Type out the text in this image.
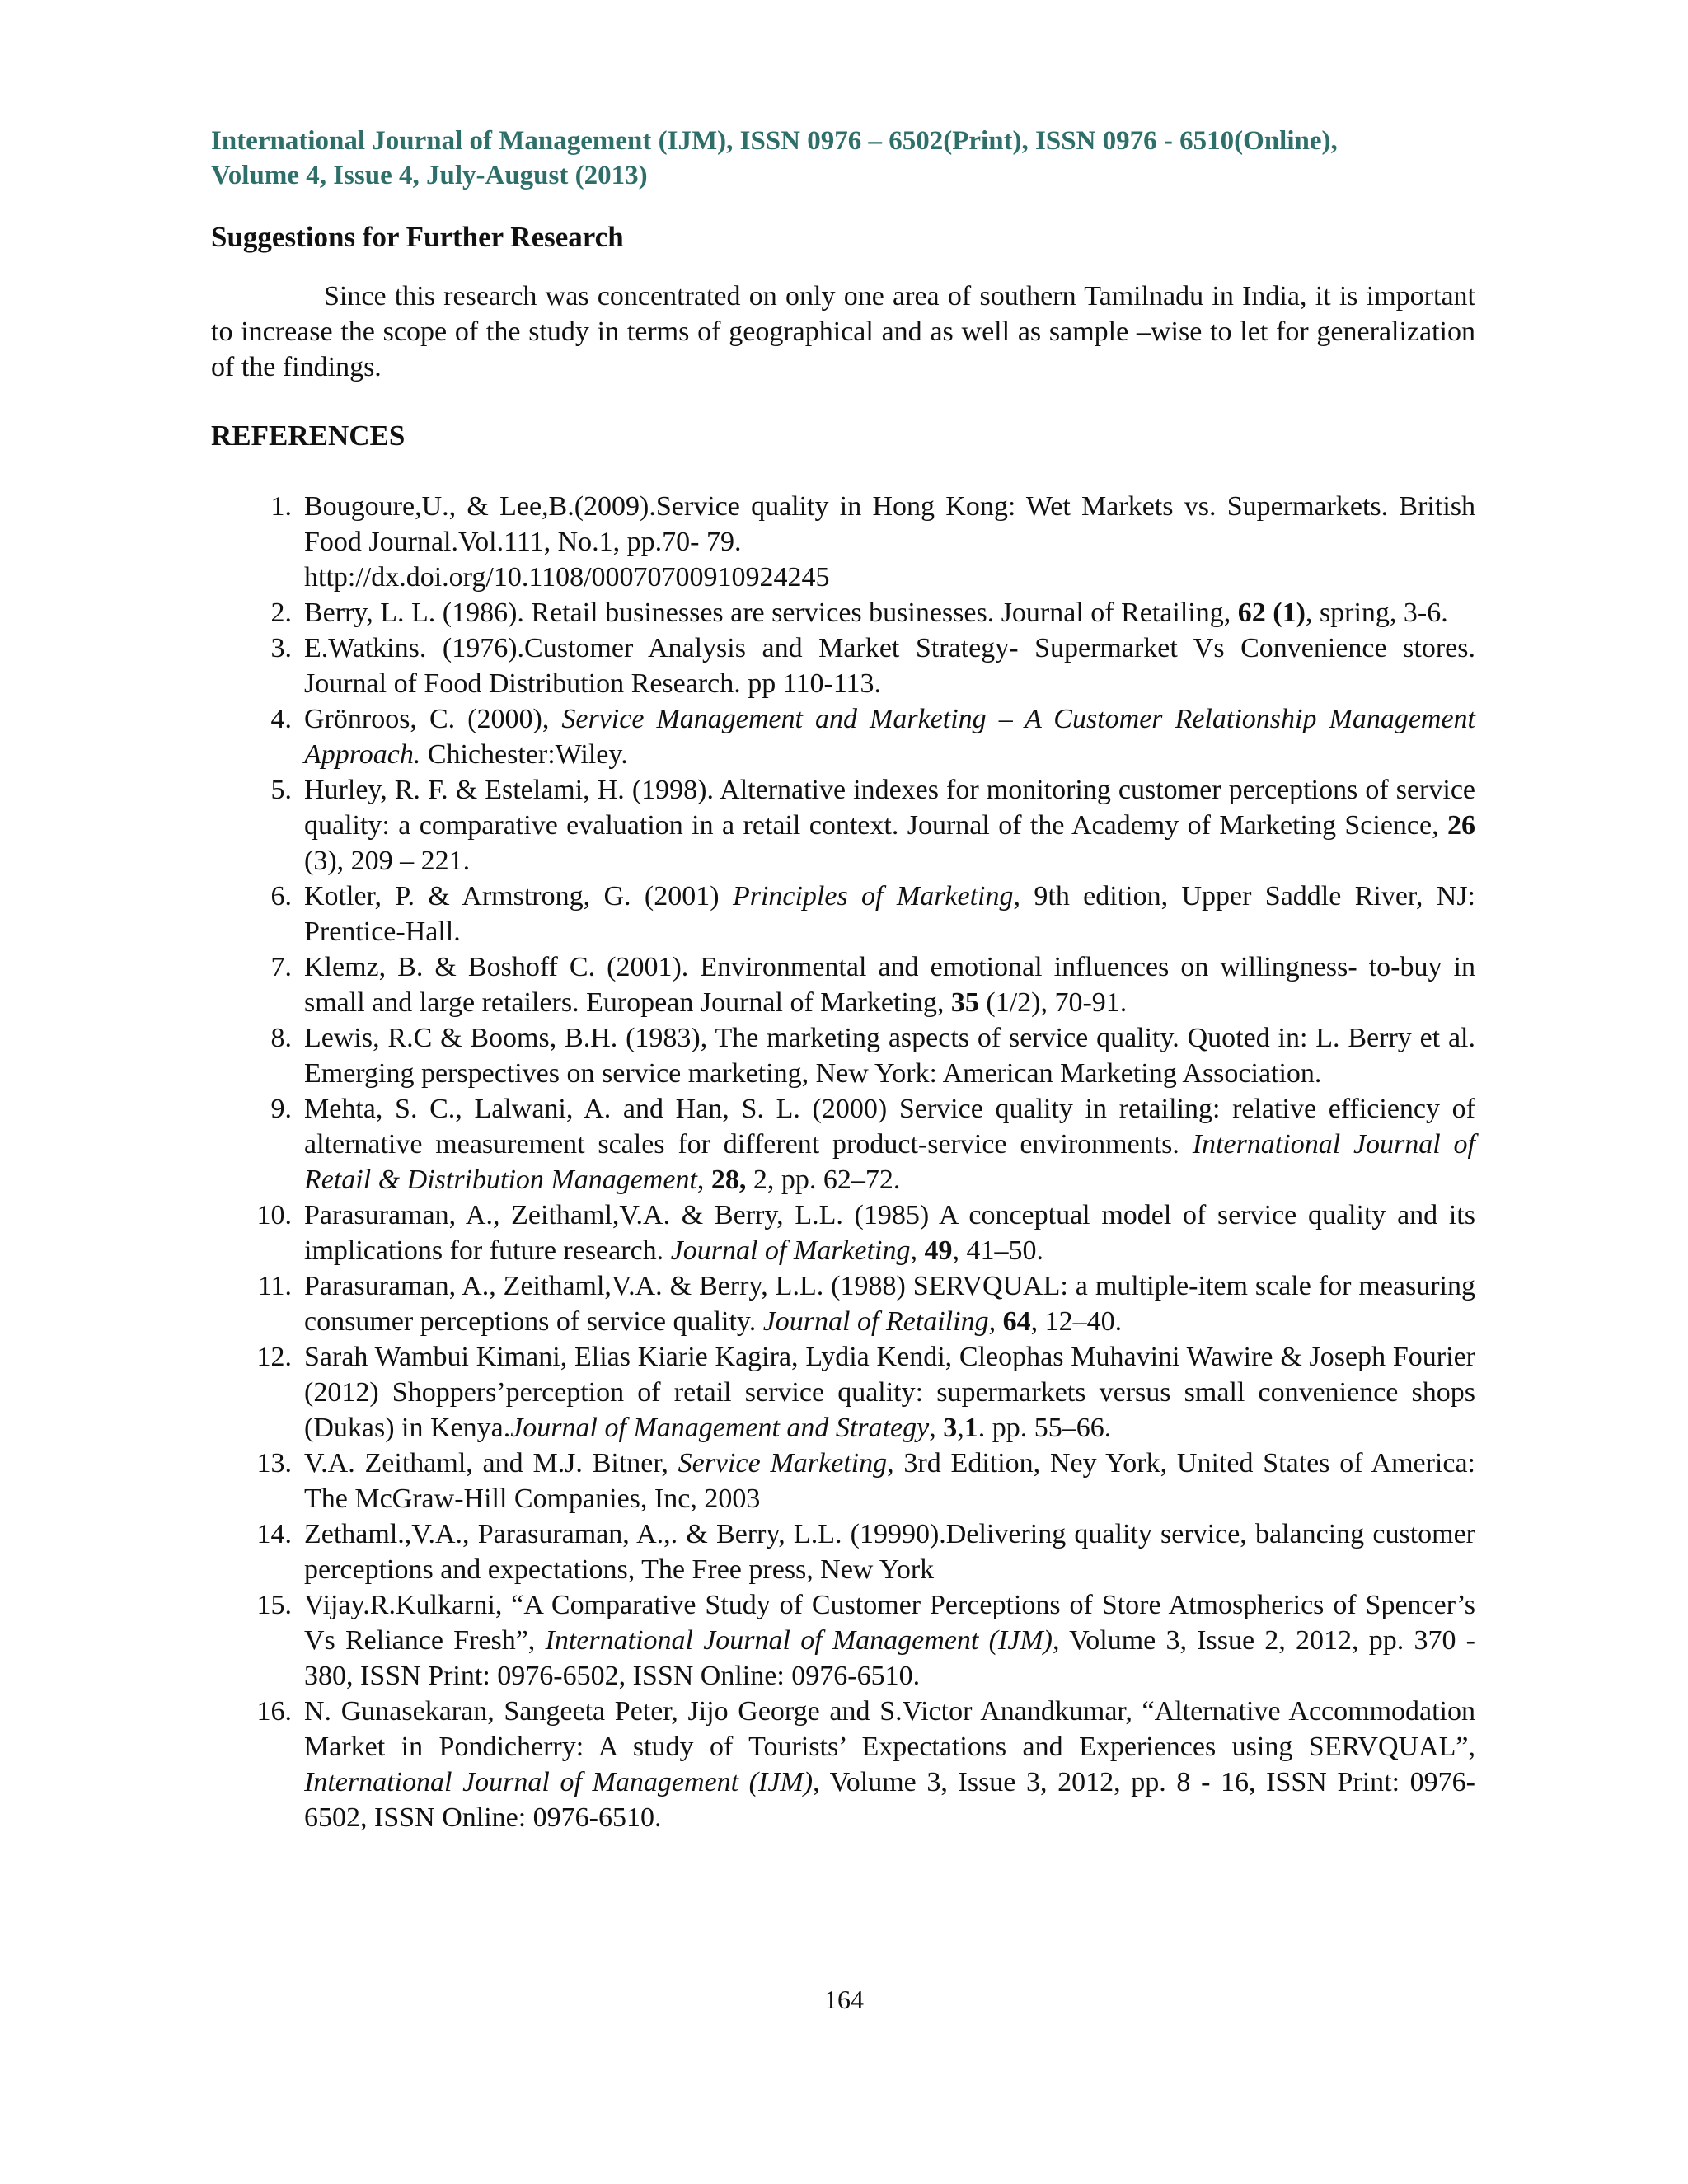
International Journal of Management (IJM), ISSN 0976 – 6502(Print), ISSN 0976 - 6510(Online),

Volume 4, Issue 4, July-August (2013)

Suggestions for Further Research

Since this research was concentrated on only one area of southern Tamilnadu in India, it is important to increase the scope of the study in terms of geographical and as well as sample –wise to let for generalization of the findings.

REFERENCES
1. Bougoure,U., & Lee,B.(2009).Service quality in Hong Kong: Wet Markets vs. Supermarkets. British Food Journal.Vol.111, No.1, pp.70- 79.
http://dx.doi.org/10.1108/00070700910924245
2. Berry, L. L. (1986). Retail businesses are services businesses. Journal of Retailing, 62 (1), spring, 3-6.
3. E.Watkins. (1976).Customer Analysis and Market Strategy- Supermarket Vs Convenience stores. Journal of Food Distribution Research. pp 110-113.
4. Grönroos, C. (2000), Service Management and Marketing – A Customer Relationship Management Approach. Chichester:Wiley.
5. Hurley, R. F. & Estelami, H. (1998). Alternative indexes for monitoring customer perceptions of service quality: a comparative evaluation in a retail context. Journal of the Academy of Marketing Science, 26 (3), 209 – 221.
6. Kotler, P. & Armstrong, G. (2001) Principles of Marketing, 9th edition, Upper Saddle River, NJ: Prentice-Hall.
7. Klemz, B. & Boshoff C. (2001). Environmental and emotional influences on willingness- to-buy in small and large retailers. European Journal of Marketing, 35 (1/2), 70-91.
8. Lewis, R.C & Booms, B.H. (1983), The marketing aspects of service quality. Quoted in: L. Berry et al. Emerging perspectives on service marketing, New York: American Marketing Association.
9. Mehta, S. C., Lalwani, A. and Han, S. L. (2000) Service quality in retailing: relative efficiency of alternative measurement scales for different product-service environments. International Journal of Retail & Distribution Management, 28, 2, pp. 62–72.
10. Parasuraman, A., Zeithaml,V.A. & Berry, L.L. (1985) A conceptual model of service quality and its implications for future research. Journal of Marketing, 49, 41–50.
11. Parasuraman, A., Zeithaml,V.A. & Berry, L.L. (1988) SERVQUAL: a multiple-item scale for measuring consumer perceptions of service quality. Journal of Retailing, 64, 12–40.
12. Sarah Wambui Kimani, Elias Kiarie Kagira, Lydia Kendi, Cleophas Muhavini Wawire & Joseph Fourier (2012) Shoppers’perception of retail service quality: supermarkets versus small convenience shops (Dukas) in Kenya.Journal of Management and Strategy, 3,1. pp. 55–66.
13. V.A. Zeithaml, and M.J. Bitner, Service Marketing, 3rd Edition, Ney York, United States of America: The McGraw-Hill Companies, Inc, 2003
14. Zethaml.,V.A., Parasuraman, A.,. & Berry, L.L. (19990).Delivering quality service, balancing customer perceptions and expectations, The Free press, New York
15. Vijay.R.Kulkarni, “A Comparative Study of Customer Perceptions of Store Atmospherics of Spencer’s Vs Reliance Fresh”, International Journal of Management (IJM), Volume 3, Issue 2, 2012, pp. 370 - 380, ISSN Print: 0976-6502, ISSN Online: 0976-6510.
16. N. Gunasekaran, Sangeeta Peter, Jijo George and S.Victor Anandkumar, “Alternative Accommodation Market in Pondicherry: A study of Tourists’ Expectations and Experiences using SERVQUAL”, International Journal of Management (IJM), Volume 3, Issue 3, 2012, pp. 8 - 16, ISSN Print: 0976-6502, ISSN Online: 0976-6510.
164
